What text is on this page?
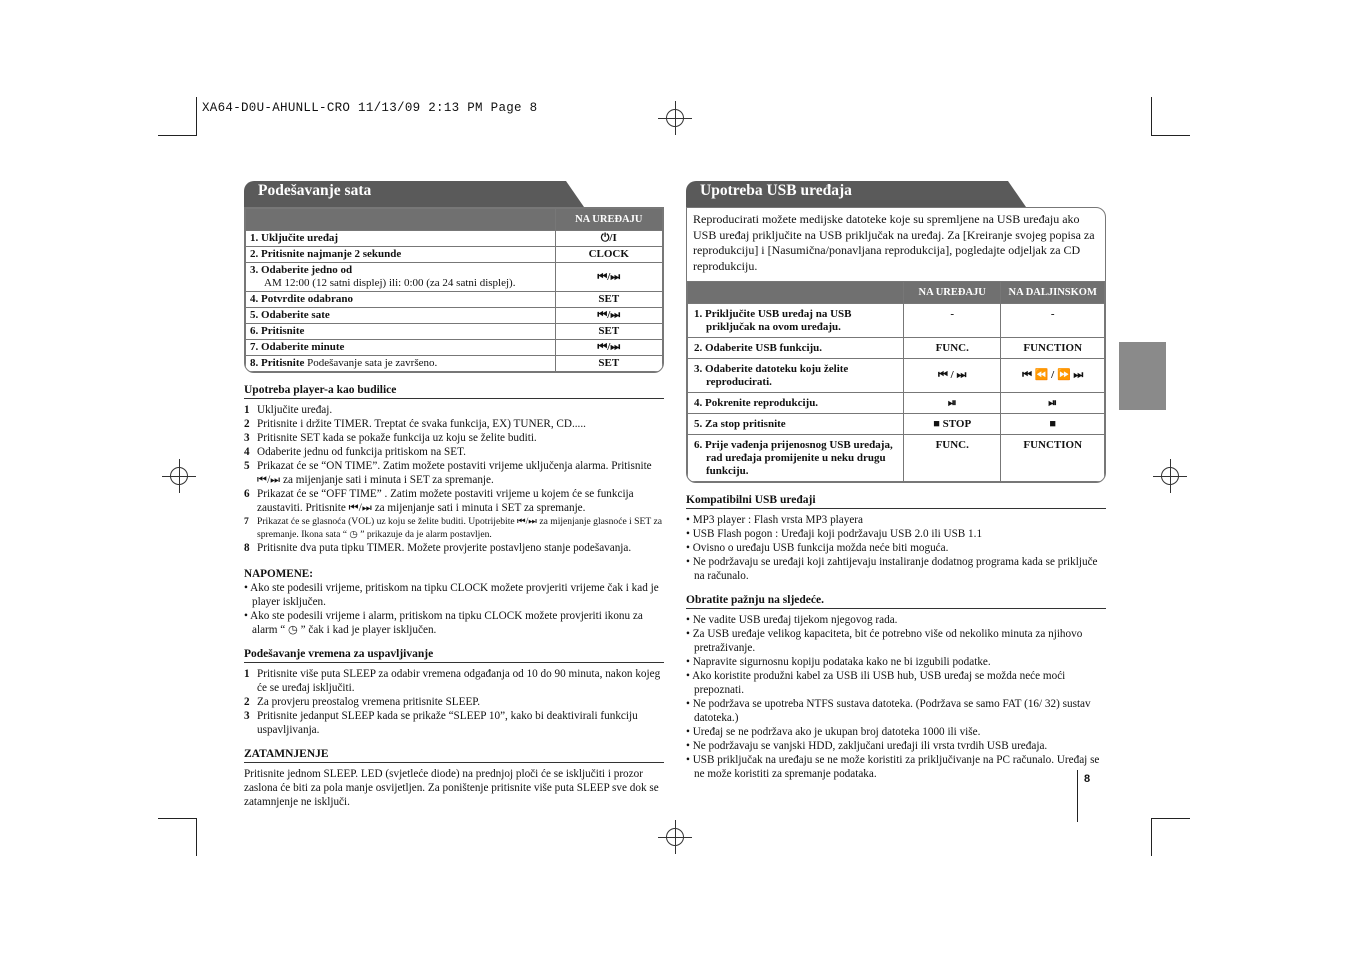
XA64-D0U-AHUNLL-CRO 11/13/09 2:13 PM Page 8
Podešavanje sata
	NA UREĐAJU
1. Uključite uređaj	⏻/I
2. Pritisnite najmanje 2 sekunde	CLOCK
3. Odaberite jedno od
AM 12:00 (12 satni displej) ili: 0:00 (za 24 satni displej).	⏮/⏭
4. Potvrdite odabrano	SET
5. Odaberite sate	⏮/⏭
6. Pritisnite	SET
7. Odaberite minute	⏮/⏭
8. Pritisnite Podešavanje sata je završeno.	SET
Upotreba player-a kao budilice
1 Uključite uređaj.
2 Pritisnite i držite TIMER. Treptat će svaka funkcija, EX) TUNER, CD.....
3 Pritisnite SET kada se pokaže funkcija uz koju se želite buditi.
4 Odaberite jednu od funkcija pritiskom na SET.
5 Prikazat će se “ON TIME”. Zatim možete postaviti vrijeme uključenja alarma. Pritisnite ⏮/⏭ za mijenjanje sati i minuta i SET za spremanje.
6 Prikazat će se “OFF TIME” . Zatim možete postaviti vrijeme u kojem će se funkcija zaustaviti. Pritisnite ⏮/⏭ za mijenjanje sati i minuta i SET za spremanje.
7 Prikazat će se glasnoća (VOL) uz koju se želite buditi. Upotrijebite ⏮/⏭ za mijenjanje glasnoće i SET za spremanje. Ikona sata “ ◷ ” prikazuje da je alarm postavljen.
8 Pritisnite dva puta tipku TIMER. Možete provjerite postavljeno stanje podešavanja.
NAPOMENE:
• Ako ste podesili vrijeme, pritiskom na tipku CLOCK možete provjeriti vrijeme čak i kad je player isključen.
• Ako ste podesili vrijeme i alarm, pritiskom na tipku CLOCK možete provjeriti ikonu za alarm “ ◷ ” čak i kad je player isključen.
Podešavanje vremena za uspavljivanje
1 Pritisnite više puta SLEEP za odabir vremena odgađanja od 10 do 90 minuta, nakon kojeg će se uređaj isključiti.
2 Za provjeru preostalog vremena pritisnite SLEEP.
3 Pritisnite jedanput SLEEP kada se prikaže “SLEEP 10”, kako bi deaktivirali funkciju uspavljivanja.
ZATAMNJENJE
Pritisnite jednom SLEEP. LED (svjetleće diode) na prednjoj ploči će se isključiti i prozor zaslona će biti za pola manje osvijetljen. Za poništenje pritisnite više puta SLEEP sve dok se zatamnjenje ne isključi.
Upotreba USB uređaja
Reproducirati možete medijske datoteke koje su spremljene na USB uređaju ako USB uređaj priključite na USB priključak na uređaj. Za [Kreiranje svojeg popisa za reprodukciju] i [Nasumična/ponavljana reprodukcija], pogledajte odjeljak za CD reprodukciju.
	NA UREĐAJU	NA DALJINSKOM

1. Priključite USB uređaj na USB priključak na ovom uređaju.	-	-

2. Odaberite USB funkciju.	FUNC.	FUNCTION

3. Odaberite datoteku koju želite reproducirati.	⏮ / ⏭	⏮ ⏪ / ⏩ ⏭

4. Pokrenite reprodukciju.	⏯	⏯

5. Za stop pritisnite	■ STOP	■

6. Prije vađenja prijenosnog USB uređaja, rad uređaja promijenite u neku drugu funkciju.	FUNC.	FUNCTION
Kompatibilni USB uređaji
• MP3 player : Flash vrsta MP3 playera
• USB Flash pogon : Uređaji koji podržavaju USB 2.0 ili USB 1.1
• Ovisno o uređaju USB funkcija možda neće biti moguća.
• Ne podržavaju se uređaji koji zahtijevaju instaliranje dodatnog programa kada se priključe na računalo.
Obratite pažnju na sljedeće.
• Ne vadite USB uređaj tijekom njegovog rada.
• Za USB uređaje velikog kapaciteta, bit će potrebno više od nekoliko minuta za njihovo pretraživanje.
• Napravite sigurnosnu kopiju podataka kako ne bi izgubili podatke.
• Ako koristite produžni kabel za USB ili USB hub, USB uređaj se možda neće moći prepoznati.
• Ne podržava se upotreba NTFS sustava datoteka. (Podržava se samo FAT (16/ 32) sustav datoteka.)
• Uređaj se ne podržava ako je ukupan broj datoteka 1000 ili više.
• Ne podržavaju se vanjski HDD, zaključani uređaji ili vrsta tvrdih USB uređaja.
• USB priključak na uređaju se ne može koristiti za priključivanje na PC računalo. Uređaj se ne može koristiti za spremanje podataka.	8
